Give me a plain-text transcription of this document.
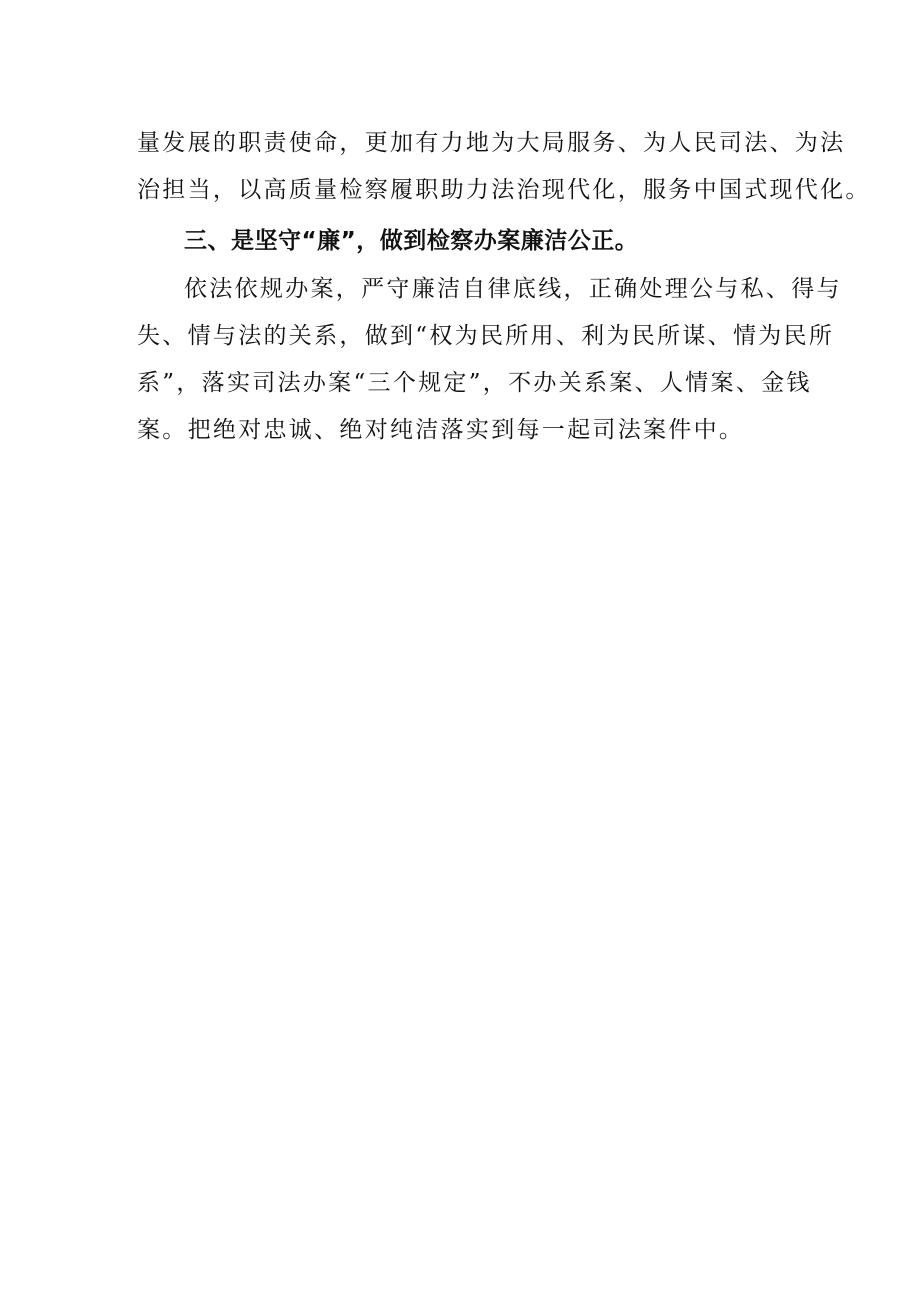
量发展的职责使命，更加有力地为大局服务、为人民司法、为法
治担当，以高质量检察履职助力法治现代化，服务中国式现代化。
三、是坚守“廉”，做到检察办案廉洁公正。
依法依规办案，严守廉洁自律底线，正确处理公与私、得与
失、情与法的关系，做到“权为民所用、利为民所谋、情为民所
系”，落实司法办案“三个规定”，不办关系案、人情案、金钱
案。把绝对忠诚、绝对纯洁落实到每一起司法案件中。
